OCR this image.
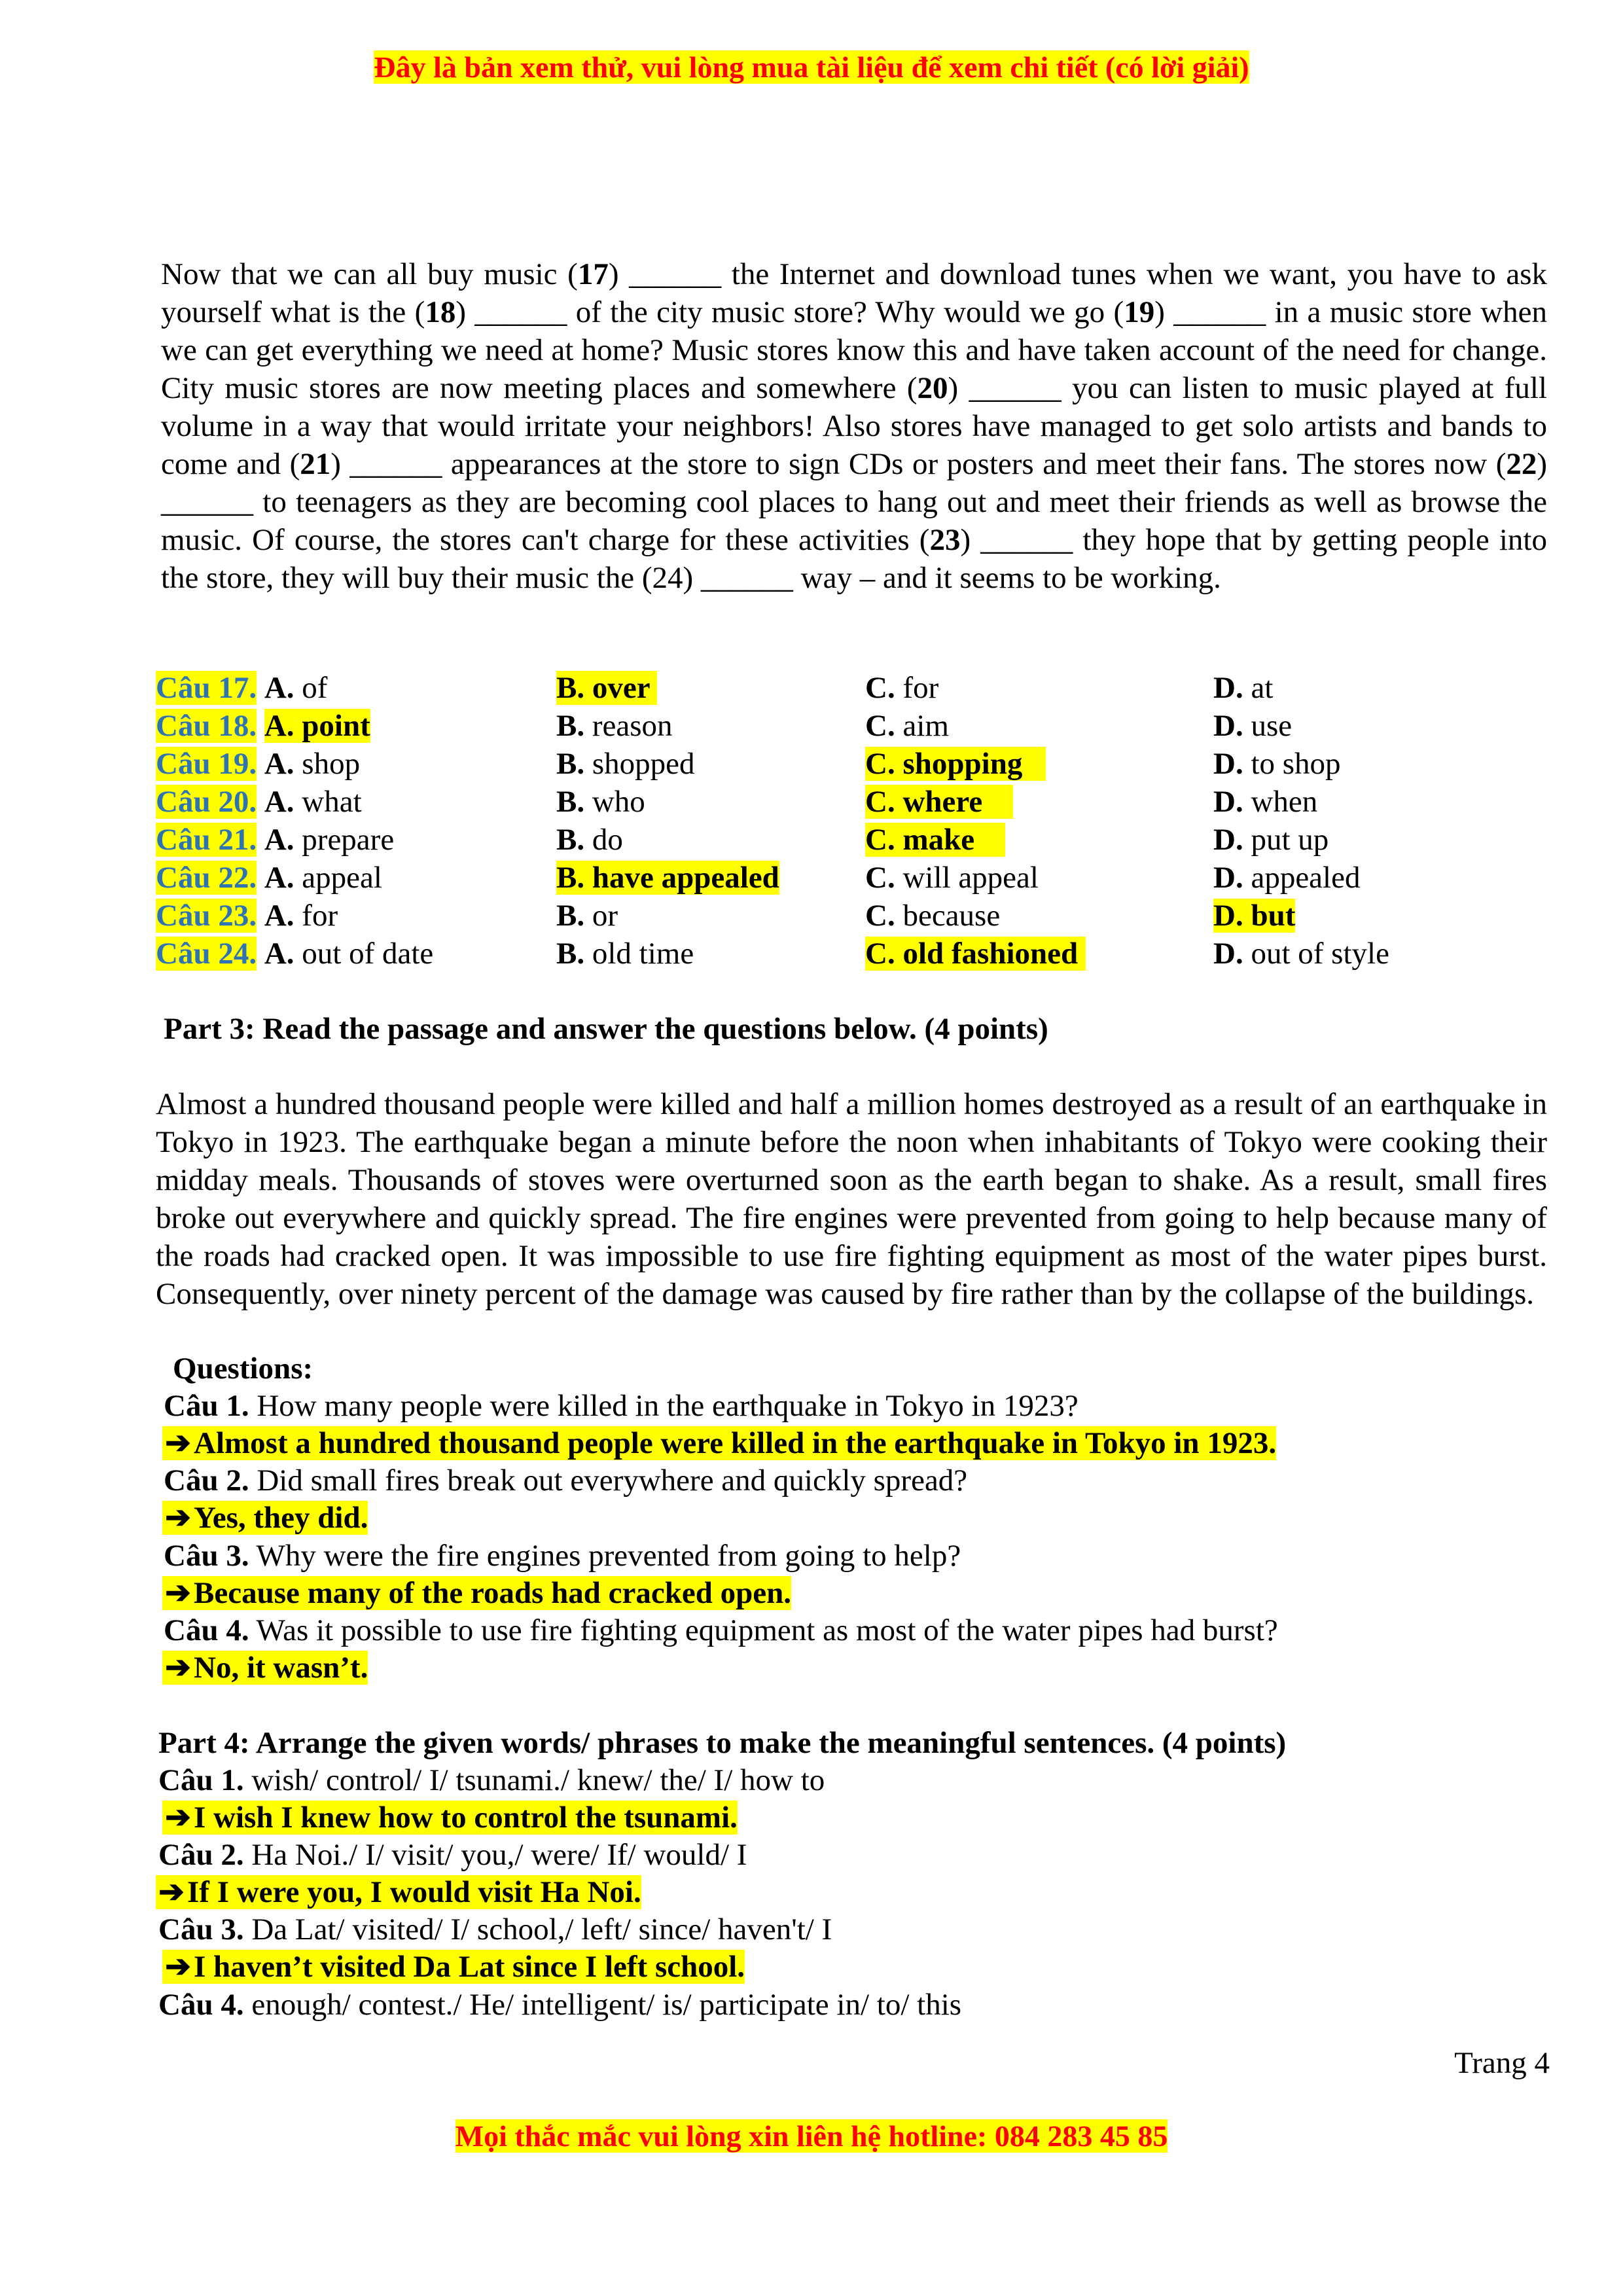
Đây là bản xem thử, vui lòng mua tài liệu để xem chi tiết (có lời giải)
Now that we can all buy music (17) ______ the Internet and download tunes when we want, you have to ask yourself what is the (18) ______ of the city music store? Why would we go (19) ______ in a music store when we can get everything we need at home? Music stores know this and have taken account of the need for change. City music stores are now meeting places and somewhere (20) ______ you can listen to music played at full volume in a way that would irritate your neighbors! Also stores have managed to get solo artists and bands to come and (21) ______ appearances at the store to sign CDs or posters and meet their fans. The stores now (22) ______ to teenagers as they are becoming cool places to hang out and meet their friends as well as browse the music. Of course, the stores can't charge for these activities (23) ______ they hope that by getting people into the store, they will buy their music the (24) ______ way – and it seems to be working.
Câu 17. A. of	B. over	C. for	D. at
Câu 18. A. point	B. reason	C. aim	D. use
Câu 19. A. shop	B. shopped	C. shopping	D. to shop
Câu 20. A. what	B. who	C. where	D. when
Câu 21. A. prepare	B. do	C. make	D. put up
Câu 22. A. appeal	B. have appealed	C. will appeal	D. appealed
Câu 23. A. for	B. or	C. because	D. but
Câu 24. A. out of date	B. old time	C. old fashioned	D. out of style
Part 3: Read the passage and answer the questions below. (4 points)
Almost a hundred thousand people were killed and half a million homes destroyed as a result of an earthquake in Tokyo in 1923. The earthquake began a minute before the noon when inhabitants of Tokyo were cooking their midday meals. Thousands of stoves were overturned soon as the earth began to shake. As a result, small fires broke out everywhere and quickly spread. The fire engines were prevented from going to help because many of the roads had cracked open. It was impossible to use fire fighting equipment as most of the water pipes burst. Consequently, over ninety percent of the damage was caused by fire rather than by the collapse of the buildings.
Questions:
Câu 1. How many people were killed in the earthquake in Tokyo in 1923?
➔Almost a hundred thousand people were killed in the earthquake in Tokyo in 1923.
Câu 2. Did small fires break out everywhere and quickly spread?
➔Yes, they did.
Câu 3. Why were the fire engines prevented from going to help?
➔Because many of the roads had cracked open.
Câu 4. Was it possible to use fire fighting equipment as most of the water pipes had burst?
➔No, it wasn’t.
Part 4: Arrange the given words/ phrases to make the meaningful sentences. (4 points)
Câu 1. wish/ control/ I/ tsunami./ knew/ the/ I/ how to
➔I wish I knew how to control the tsunami.
Câu 2. Ha Noi./ I/ visit/ you,/ were/ If/ would/ I
➔If I were you, I would visit Ha Noi.
Câu 3. Da Lat/ visited/ I/ school,/ left/ since/ haven't/ I
➔I haven’t visited Da Lat since I left school.
Câu 4. enough/ contest./ He/ intelligent/ is/ participate in/ to/ this
Trang 4
Mọi thắc mắc vui lòng xin liên hệ hotline: 084 283 45 85
